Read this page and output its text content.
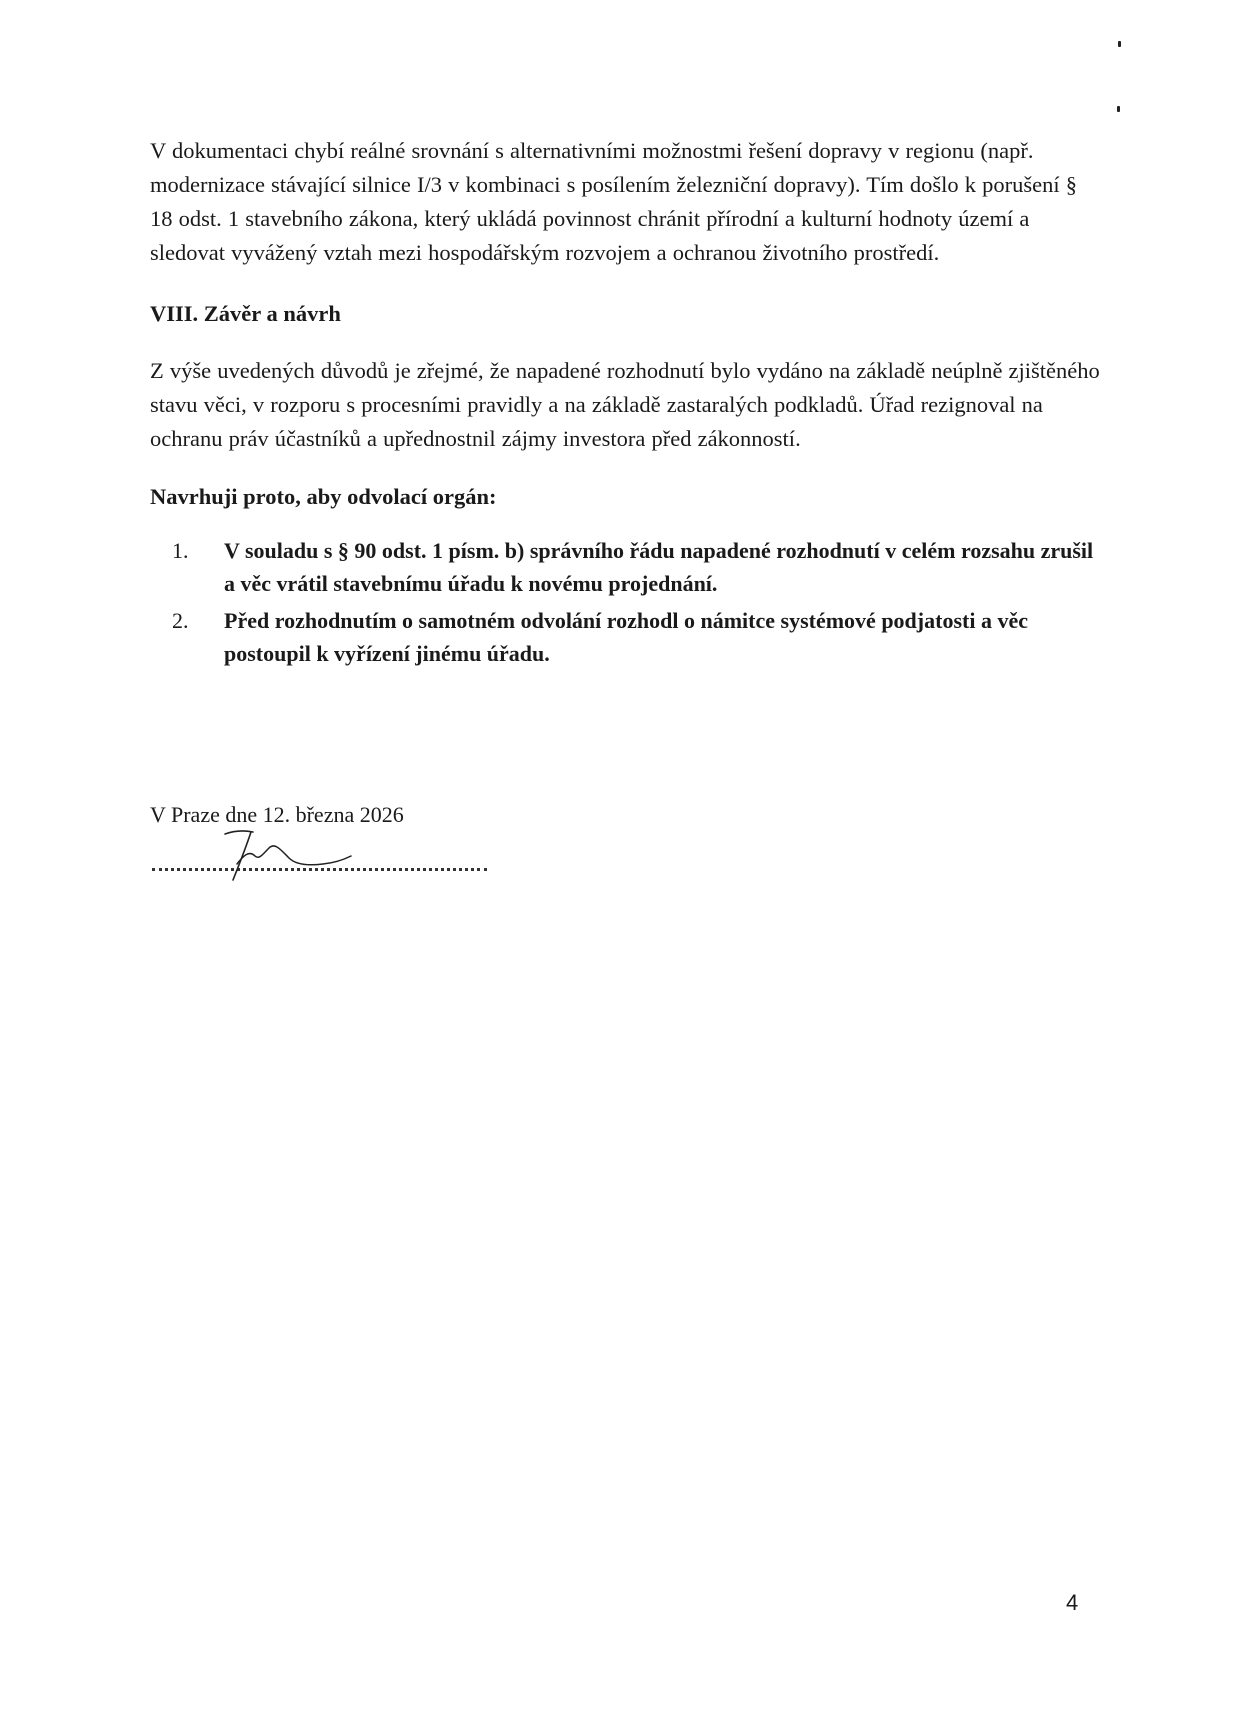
V dokumentaci chybí reálné srovnání s alternativními možnostmi řešení dopravy v regionu (např. modernizace stávající silnice I/3 v kombinaci s posílením železniční dopravy). Tím došlo k porušení § 18 odst. 1 stavebního zákona, který ukládá povinnost chránit přírodní a kulturní hodnoty území a sledovat vyvážený vztah mezi hospodářským rozvojem a ochranou životního prostředí.

VIII. Závěr a návrh

Z výše uvedených důvodů je zřejmé, že napadené rozhodnutí bylo vydáno na základě neúplně zjištěného stavu věci, v rozporu s procesními pravidly a na základě zastaralých podkladů. Úřad rezignoval na ochranu práv účastníků a upřednostnil zájmy investora před zákonností.

Navrhuji proto, aby odvolací orgán:
1.	V souladu s § 90 odst. 1 písm. b) správního řádu napadené rozhodnutí v celém rozsahu zrušil a věc vrátil stavebnímu úřadu k novému projednání.
2.	Před rozhodnutím o samotném odvolání rozhodl o námitce systémové podjatosti a věc postoupil k vyřízení jinému úřadu.

V Praze dne 12. března 2026

4
